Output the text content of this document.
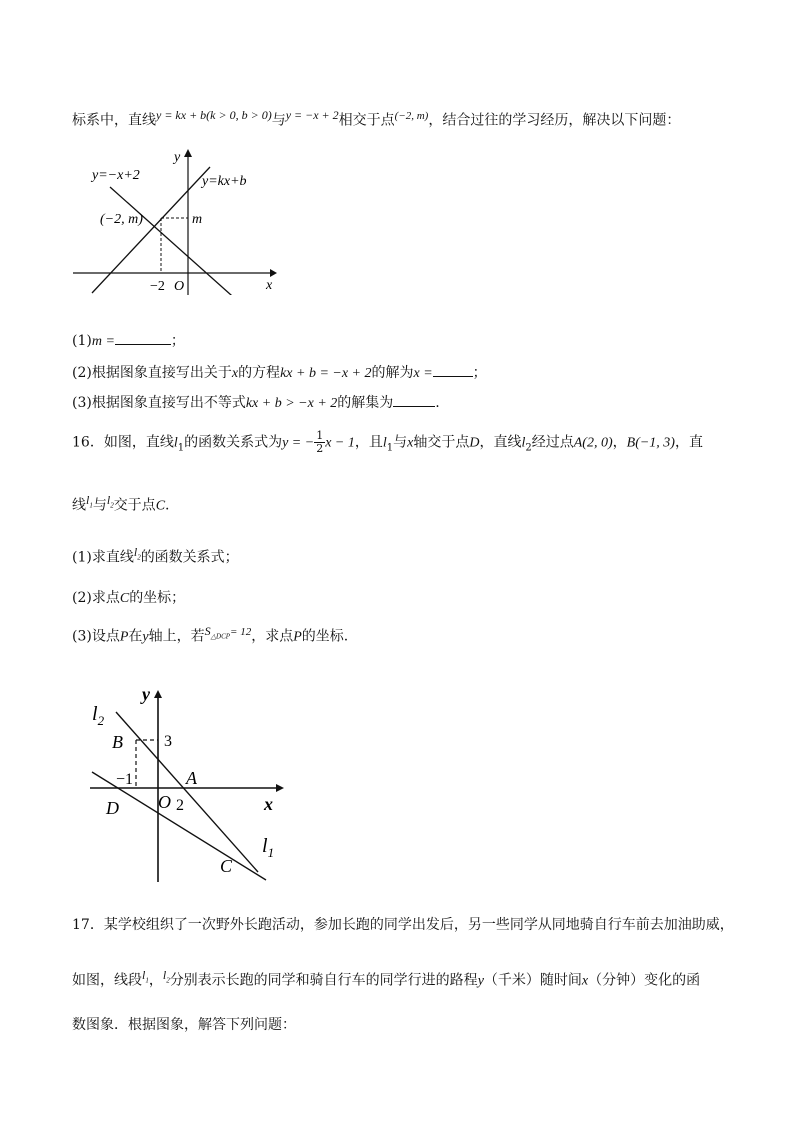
标系中，直线$^{y = kx + b(k > 0, b > 0)}$与$^{y = -x + 2}$相交于点$^{(-2, m)}$，结合过往的学习经历，解决以下问题：
y
y=−x+2	y=kx+b
(−2, m)	m
−2 O	x
(1)m =	；
(2)根据图象直接写出关于x的方程kx + b = −x + 2的解为x =	；
(3)根据图象直接写出不等式kx + b > −x + 2的解集为	.
16．如图，直线$l_1$的函数关系式为y = − $\frac{1}{2}$ x − 1，且$l_1$与x轴交于点D，直线$l_2$经过点A(2, 0)，B(−1, 3)，直
线$^{l_1}$与$^{l_2}$交于点C.
(1)求直线$^{l_2}$的函数关系式；
(2)求点C的坐标；
(3)设点P在y轴上，若$^{S_{\triangle DCP}= 12}$，求点P的坐标.
$l_2$
y
B	3
−1	A
D O 2	x
$l_1$
C
17．某学校组织了一次野外长跑活动，参加长跑的同学出发后，另一些同学从同地骑自行车前去加油助威，
如图，线段$^{l_1}$，$^{l_2}$分别表示长跑的同学和骑自行车的同学行进的路程y（千米）随时间x（分钟）变化的函
数图象．根据图象，解答下列问题：
